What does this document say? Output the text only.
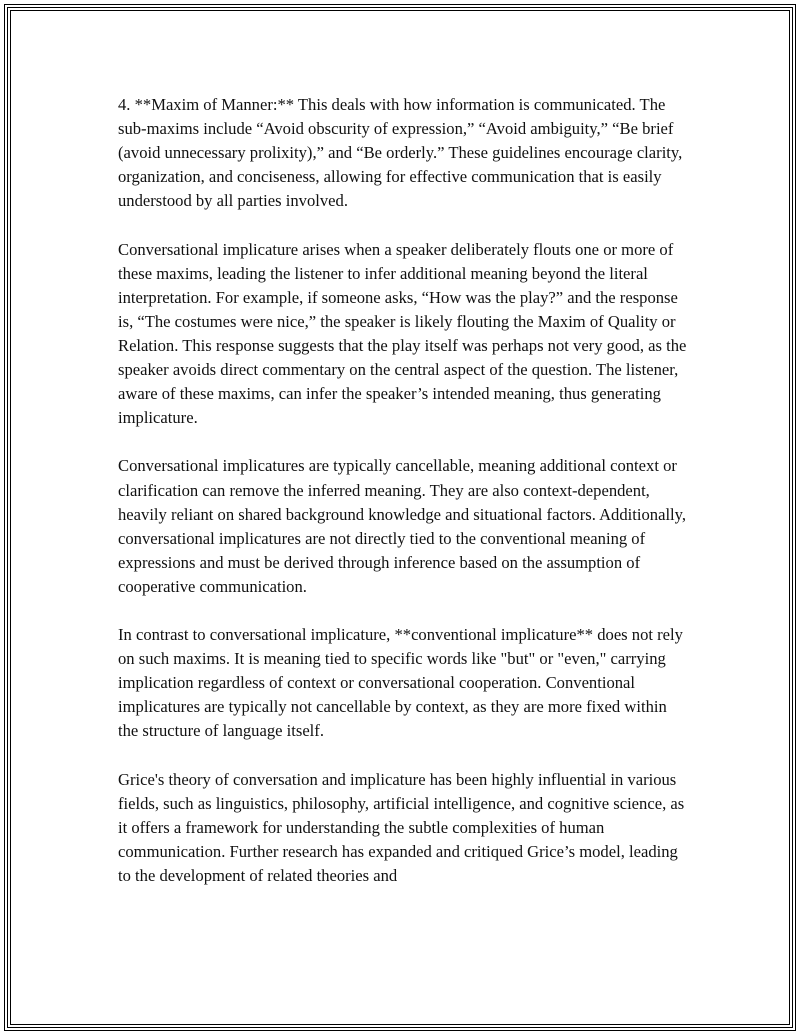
4. **Maxim of Manner:** This deals with how information is communicated. The sub-maxims include “Avoid obscurity of expression,” “Avoid ambiguity,” “Be brief (avoid unnecessary prolixity),” and “Be orderly.” These guidelines encourage clarity, organization, and conciseness, allowing for effective communication that is easily understood by all parties involved.

Conversational implicature arises when a speaker deliberately flouts one or more of these maxims, leading the listener to infer additional meaning beyond the literal interpretation. For example, if someone asks, “How was the play?” and the response is, “The costumes were nice,” the speaker is likely flouting the Maxim of Quality or Relation. This response suggests that the play itself was perhaps not very good, as the speaker avoids direct commentary on the central aspect of the question. The listener, aware of these maxims, can infer the speaker’s intended meaning, thus generating implicature.

Conversational implicatures are typically cancellable, meaning additional context or clarification can remove the inferred meaning. They are also context-dependent, heavily reliant on shared background knowledge and situational factors. Additionally, conversational implicatures are not directly tied to the conventional meaning of expressions and must be derived through inference based on the assumption of cooperative communication.

In contrast to conversational implicature, **conventional implicature** does not rely on such maxims. It is meaning tied to specific words like "but" or "even," carrying implication regardless of context or conversational cooperation. Conventional implicatures are typically not cancellable by context, as they are more fixed within the structure of language itself.

Grice's theory of conversation and implicature has been highly influential in various fields, such as linguistics, philosophy, artificial intelligence, and cognitive science, as it offers a framework for understanding the subtle complexities of human communication. Further research has expanded and critiqued Grice’s model, leading to the development of related theories and
